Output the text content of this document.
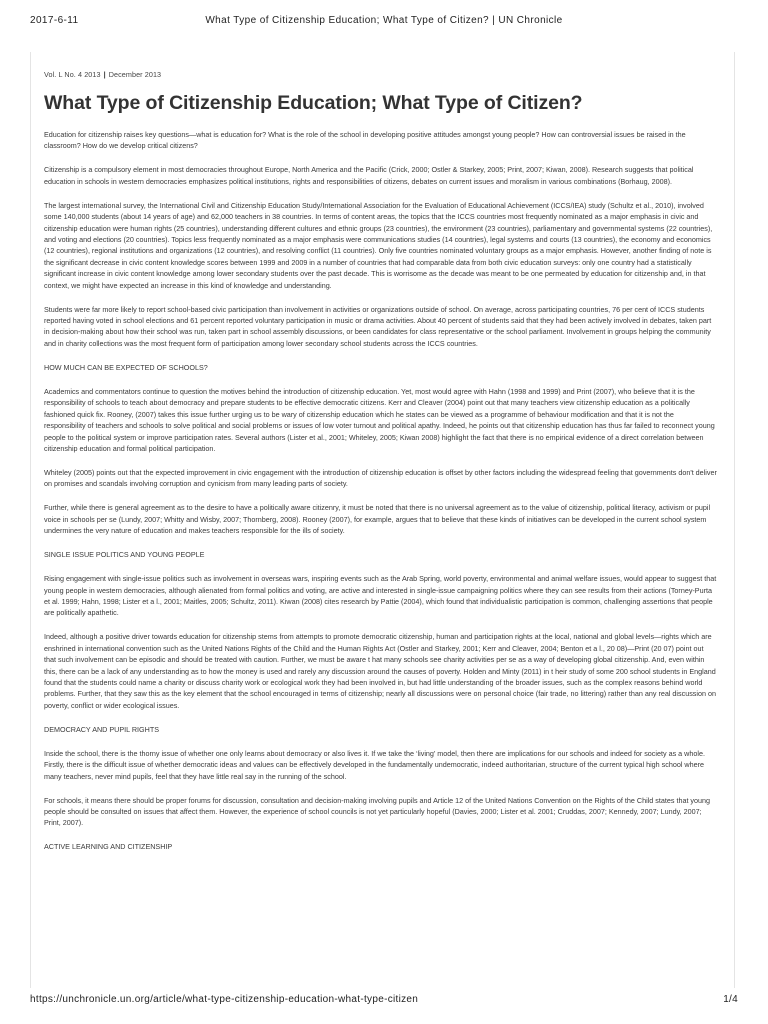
2017-6-11	What Type of Citizenship Education; What Type of Citizen? | UN Chronicle
Vol. L No. 4 2013 | December 2013
What Type of Citizenship Education; What Type of Citizen?

Education for citizenship raises key questions—what is education for? What is the role of the school in developing positive attitudes amongst young people? How can controversial issues be raised in the classroom? How do we develop critical citizens?

Citizenship is a compulsory element in most democracies throughout Europe, North America and the Pacific (Crick, 2000; Ostler & Starkey, 2005; Print, 2007; Kiwan, 2008). Research suggests that political education in schools in western democracies emphasizes political institutions, rights and responsibilities of citizens, debates on current issues and moralism in various combinations (Borhaug, 2008).

The largest international survey, the International Civil and Citizenship Education Study/International Association for the Evaluation of Educational Achievement (ICCS/IEA) study (Schultz et al., 2010), involved some 140,000 students (about 14 years of age) and 62,000 teachers in 38 countries. In terms of content areas, the topics that the ICCS countries most frequently nominated as a major emphasis in civic and citizenship education were human rights (25 countries), understanding different cultures and ethnic groups (23 countries), the environment (23 countries), parliamentary and governmental systems (22 countries), and voting and elections (20 countries). Topics less frequently nominated as a major emphasis were communications studies (14 countries), legal systems and courts (13 countries), the economy and economics (12 countries), regional institutions and organizations (12 countries), and resolving conflict (11 countries). Only five countries nominated voluntary groups as a major emphasis. However, another finding of note is the significant decrease in civic content knowledge scores between 1999 and 2009 in a number of countries that had comparable data from both civic education surveys: only one country had a statistically significant increase in civic content knowledge among lower secondary students over the past decade. This is worrisome as the decade was meant to be one permeated by education for citizenship and, in that context, we might have expected an increase in this kind of knowledge and understanding.

Students were far more likely to report school-based civic participation than involvement in activities or organizations outside of school. On average, across participating countries, 76 per cent of ICCS students reported having voted in school elections and 61 percent reported voluntary participation in music or drama activities. About 40 percent of students said that they had been actively involved in debates, taken part in decision-making about how their school was run, taken part in school assembly discussions, or been candidates for class representative or the school parliament. Involvement in groups helping the community and in charity collections was the most frequent form of participation among lower secondary school students across the ICCS countries.

HOW MUCH CAN BE EXPECTED OF SCHOOLS?

Academics and commentators continue to question the motives behind the introduction of citizenship education. Yet, most would agree with Hahn (1998 and 1999) and Print (2007), who believe that it is the responsibility of schools to teach about democracy and prepare students to be effective democratic citizens. Kerr and Cleaver (2004) point out that many teachers view citizenship education as a politically fashioned quick fix. Rooney, (2007) takes this issue further urging us to be wary of citizenship education which he states can be viewed as a programme of behaviour modification and that it is not the responsibility of teachers and schools to solve political and social problems or issues of low voter turnout and political apathy. Indeed, he points out that citizenship education has thus far failed to reconnect young people to the political system or improve participation rates. Several authors (Lister et al., 2001; Whiteley, 2005; Kiwan 2008) highlight the fact that there is no empirical evidence of a direct correlation between citizenship education and formal political participation.

Whiteley (2005) points out that the expected improvement in civic engagement with the introduction of citizenship education is offset by other factors including the widespread feeling that governments don't deliver on promises and scandals involving corruption and cynicism from many leading parts of society.

Further, while there is general agreement as to the desire to have a politically aware citizenry, it must be noted that there is no universal agreement as to the value of citizenship, political literacy, activism or pupil voice in schools per se (Lundy, 2007; Whitty and Wisby, 2007; Thornberg, 2008). Rooney (2007), for example, argues that to believe that these kinds of initiatives can be developed in the current school system undermines the very nature of education and makes teachers responsible for the ills of society.

SINGLE ISSUE POLITICS AND YOUNG PEOPLE

Rising engagement with single-issue politics such as involvement in overseas wars, inspiring events such as the Arab Spring, world poverty, environmental and animal welfare issues, would appear to suggest that young people in western democracies, although alienated from formal politics and voting, are active and interested in single-issue campaigning politics where they can see results from their actions (Torney-Purta et al. 1999; Hahn, 1998; Lister et a l., 2001; Maitles, 2005; Schultz, 2011). Kiwan (2008) cites research by Pattie (2004), which found that individualistic participation is common, challenging assertions that people are politically apathetic.

Indeed, although a positive driver towards education for citizenship stems from attempts to promote democratic citizenship, human and participation rights at the local, national and global levels—rights which are enshrined in international convention such as the United Nations Rights of the Child and the Human Rights Act (Ostler and Starkey, 2001; Kerr and Cleaver, 2004; Benton et a l., 20 08)—Print (20 07) point out that such involvement can be episodic and should be treated with caution. Further, we must be aware t hat many schools see charity activities per se as a way of developing global citizenship. And, even within this, there can be a lack of any understanding as to how the money is used and rarely any discussion around the causes of poverty. Holden and Minty (2011) in t heir study of some 200 school students in England found that the students could name a charity or discuss charity work or ecological work they had been involved in, but had little understanding of the broader issues, such as the complex reasons behind world problems. Further, that they saw this as the key element that the school encouraged in terms of citizenship; nearly all discussions were on personal choice (fair trade, no littering) rather than any real discussion on poverty, conflict or wider ecological issues.

DEMOCRACY AND PUPIL RIGHTS

Inside the school, there is the thorny issue of whether one only learns about democracy or also lives it. If we take the ‘living’ model, then there are implications for our schools and indeed for society as a whole. Firstly, there is the difficult issue of whether democratic ideas and values can be effectively developed in the fundamentally undemocratic, indeed authoritarian, structure of the current typical high school where many teachers, never mind pupils, feel that they have little real say in the running of the school.

For schools, it means there should be proper forums for discussion, consultation and decision-making involving pupils and Article 12 of the United Nations Convention on the Rights of the Child states that young people should be consulted on issues that affect them. However, the experience of school councils is not yet particularly hopeful (Davies, 2000; Lister et al. 2001; Cruddas, 2007; Kennedy, 2007; Lundy, 2007; Print, 2007).

ACTIVE LEARNING AND CITIZENSHIP
https://unchronicle.un.org/article/what-type-citizenship-education-what-type-citizen	1/4
